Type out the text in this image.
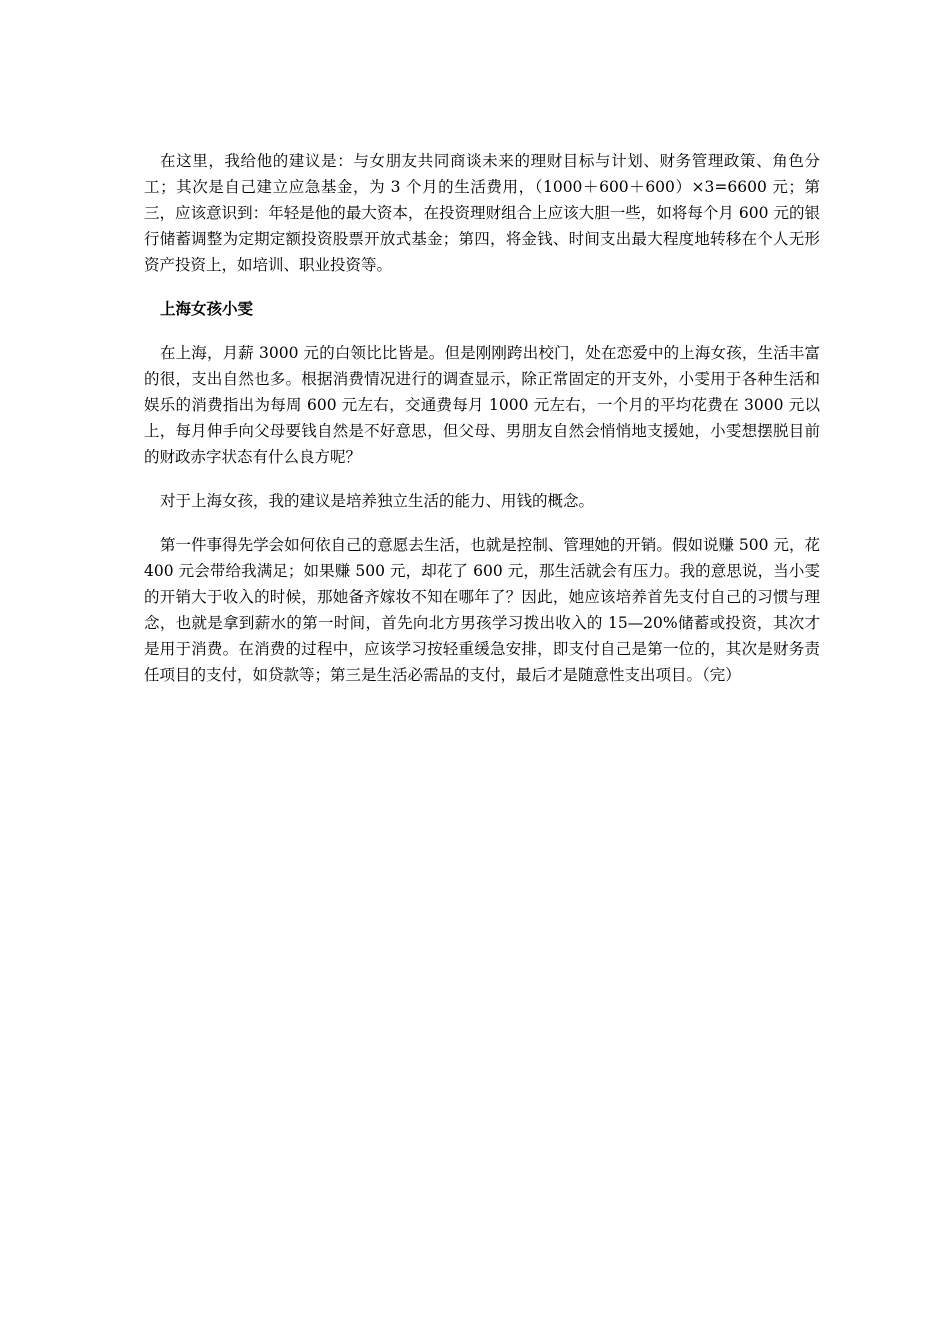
在这里，我给他的建议是：与女朋友共同商谈未来的理财目标与计划、财务管理政策、角色分工；其次是自己建立应急基金，为 3 个月的生活费用，（1000＋600＋600）×3=6600 元；第三，应该意识到：年轻是他的最大资本，在投资理财组合上应该大胆一些，如将每个月 600 元的银行储蓄调整为定期定额投资股票开放式基金；第四，将金钱、时间支出最大程度地转移在个人无形资产投资上，如培训、职业投资等。

上海女孩小雯

在上海，月薪 3000 元的白领比比皆是。但是刚刚跨出校门，处在恋爱中的上海女孩，生活丰富的很，支出自然也多。根据消费情况进行的调查显示，除正常固定的开支外，小雯用于各种生活和娱乐的消费指出为每周 600 元左右，交通费每月 1000 元左右，一个月的平均花费在 3000 元以上，每月伸手向父母要钱自然是不好意思，但父母、男朋友自然会悄悄地支援她，小雯想摆脱目前的财政赤字状态有什么良方呢？

对于上海女孩，我的建议是培养独立生活的能力、用钱的概念。

第一件事得先学会如何依自己的意愿去生活，也就是控制、管理她的开销。假如说赚 500 元，花 400 元会带给我满足；如果赚 500 元，却花了 600 元，那生活就会有压力。我的意思说，当小雯的开销大于收入的时候，那她备齐嫁妆不知在哪年了？因此，她应该培养首先支付自己的习惯与理念，也就是拿到薪水的第一时间，首先向北方男孩学习拨出收入的 15—20%储蓄或投资，其次才是用于消费。在消费的过程中，应该学习按轻重缓急安排，即支付自己是第一位的，其次是财务责任项目的支付，如贷款等；第三是生活必需品的支付，最后才是随意性支出项目。（完）
